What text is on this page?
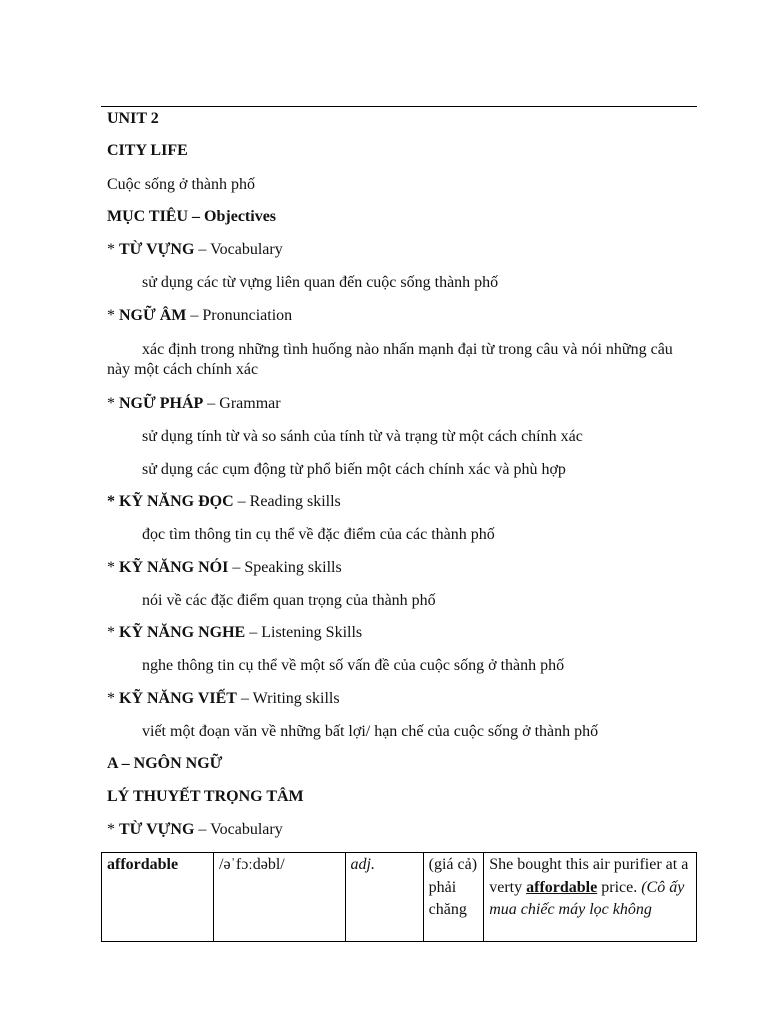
UNIT 2
CITY LIFE
Cuộc sống ở thành phố
MỤC TIÊU – Objectives
* TỪ VỰNG – Vocabulary
sử dụng các từ vựng liên quan đến cuộc sống thành phố
* NGỮ ÂM – Pronunciation
xác định trong những tình huống nào nhấn mạnh đại từ trong câu và nói những câu này một cách chính xác
* NGỮ PHÁP – Grammar
sử dụng tính từ và so sánh của tính từ và trạng từ một cách chính xác
sử dụng các cụm động từ phổ biến một cách chính xác và phù hợp
* KỸ NĂNG ĐỌC – Reading skills
đọc tìm thông tin cụ thể về đặc điểm của các thành phố
* KỸ NĂNG NÓI – Speaking skills
nói về các đặc điểm quan trọng của thành phố
* KỸ NĂNG NGHE – Listening Skills
nghe thông tin cụ thể về một số vấn đề của cuộc sống ở thành phố
* KỸ NĂNG VIẾT – Writing skills
viết một đoạn văn về những bất lợi/ hạn chế của cuộc sống ở thành phố
A – NGÔN NGỮ
LÝ THUYẾT TRỌNG TÂM
* TỪ VỰNG – Vocabulary
affordable	/əˈfɔːdəbl/	adj.	(giá cả) phải chăng	She bought this air purifier at a verty affordable price. (Cô ấy mua chiếc máy lọc không
